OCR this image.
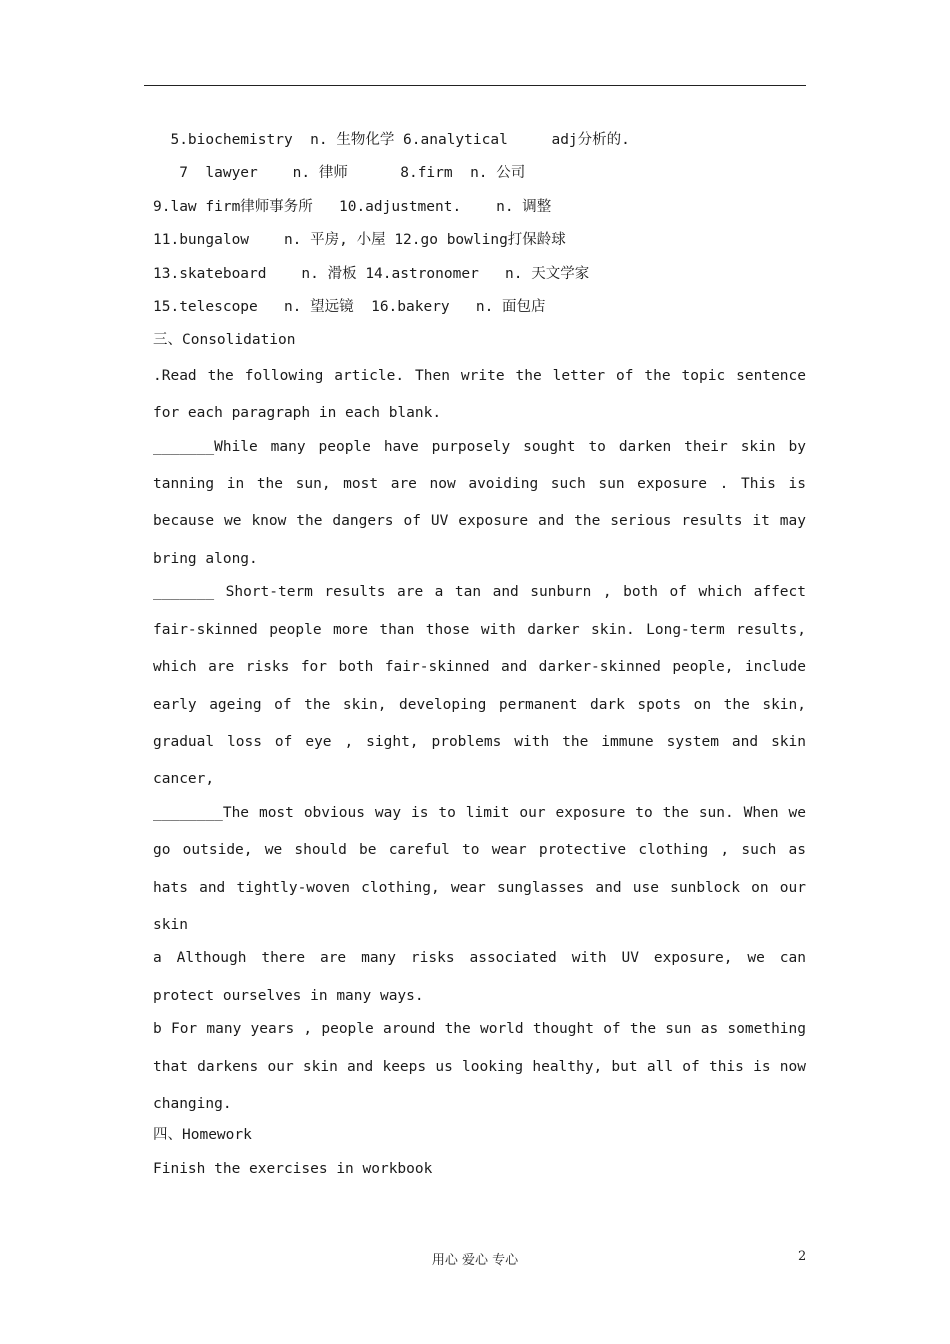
5.biochemistry  n. 生物化学 6.analytical     adj分析的.
7  lawyer    n. 律师      8.firm  n. 公司
9.law firm律师事务所   10.adjustment.    n. 调整
11.bungalow    n. 平房, 小屋 12.go bowling打保龄球
13.skateboard    n. 滑板 14.astronomer   n. 天文学家
15.telescope   n. 望远镜  16.bakery   n. 面包店
三、Consolidation
.Read the following article. Then write the letter of the topic sentence for each paragraph in each blank.
_______While many people have purposely sought to darken their skin by tanning in the sun, most are now avoiding such sun exposure . This is because we know the dangers of UV exposure and the serious results it may bring along.
_______ Short-term results are a tan and sunburn , both of which affect fair-skinned people more than those with darker skin. Long-term results, which are risks for both fair-skinned and darker-skinned people, include early ageing of the skin, developing permanent dark spots on the skin, gradual loss of eye , sight, problems with the immune system and skin cancer,
________The most obvious way is to limit our exposure to the sun. When we go outside, we should be careful to wear protective clothing , such as hats and tightly-woven clothing, wear sunglasses and use sunblock on our skin
a Although there are many risks associated with UV exposure, we can protect ourselves in many ways.
b For many years , people around the world thought of the sun as something that darkens our skin and keeps us looking healthy, but all of this is now changing.
四、Homework
Finish the exercises in workbook
用心 爱心 专心	2
